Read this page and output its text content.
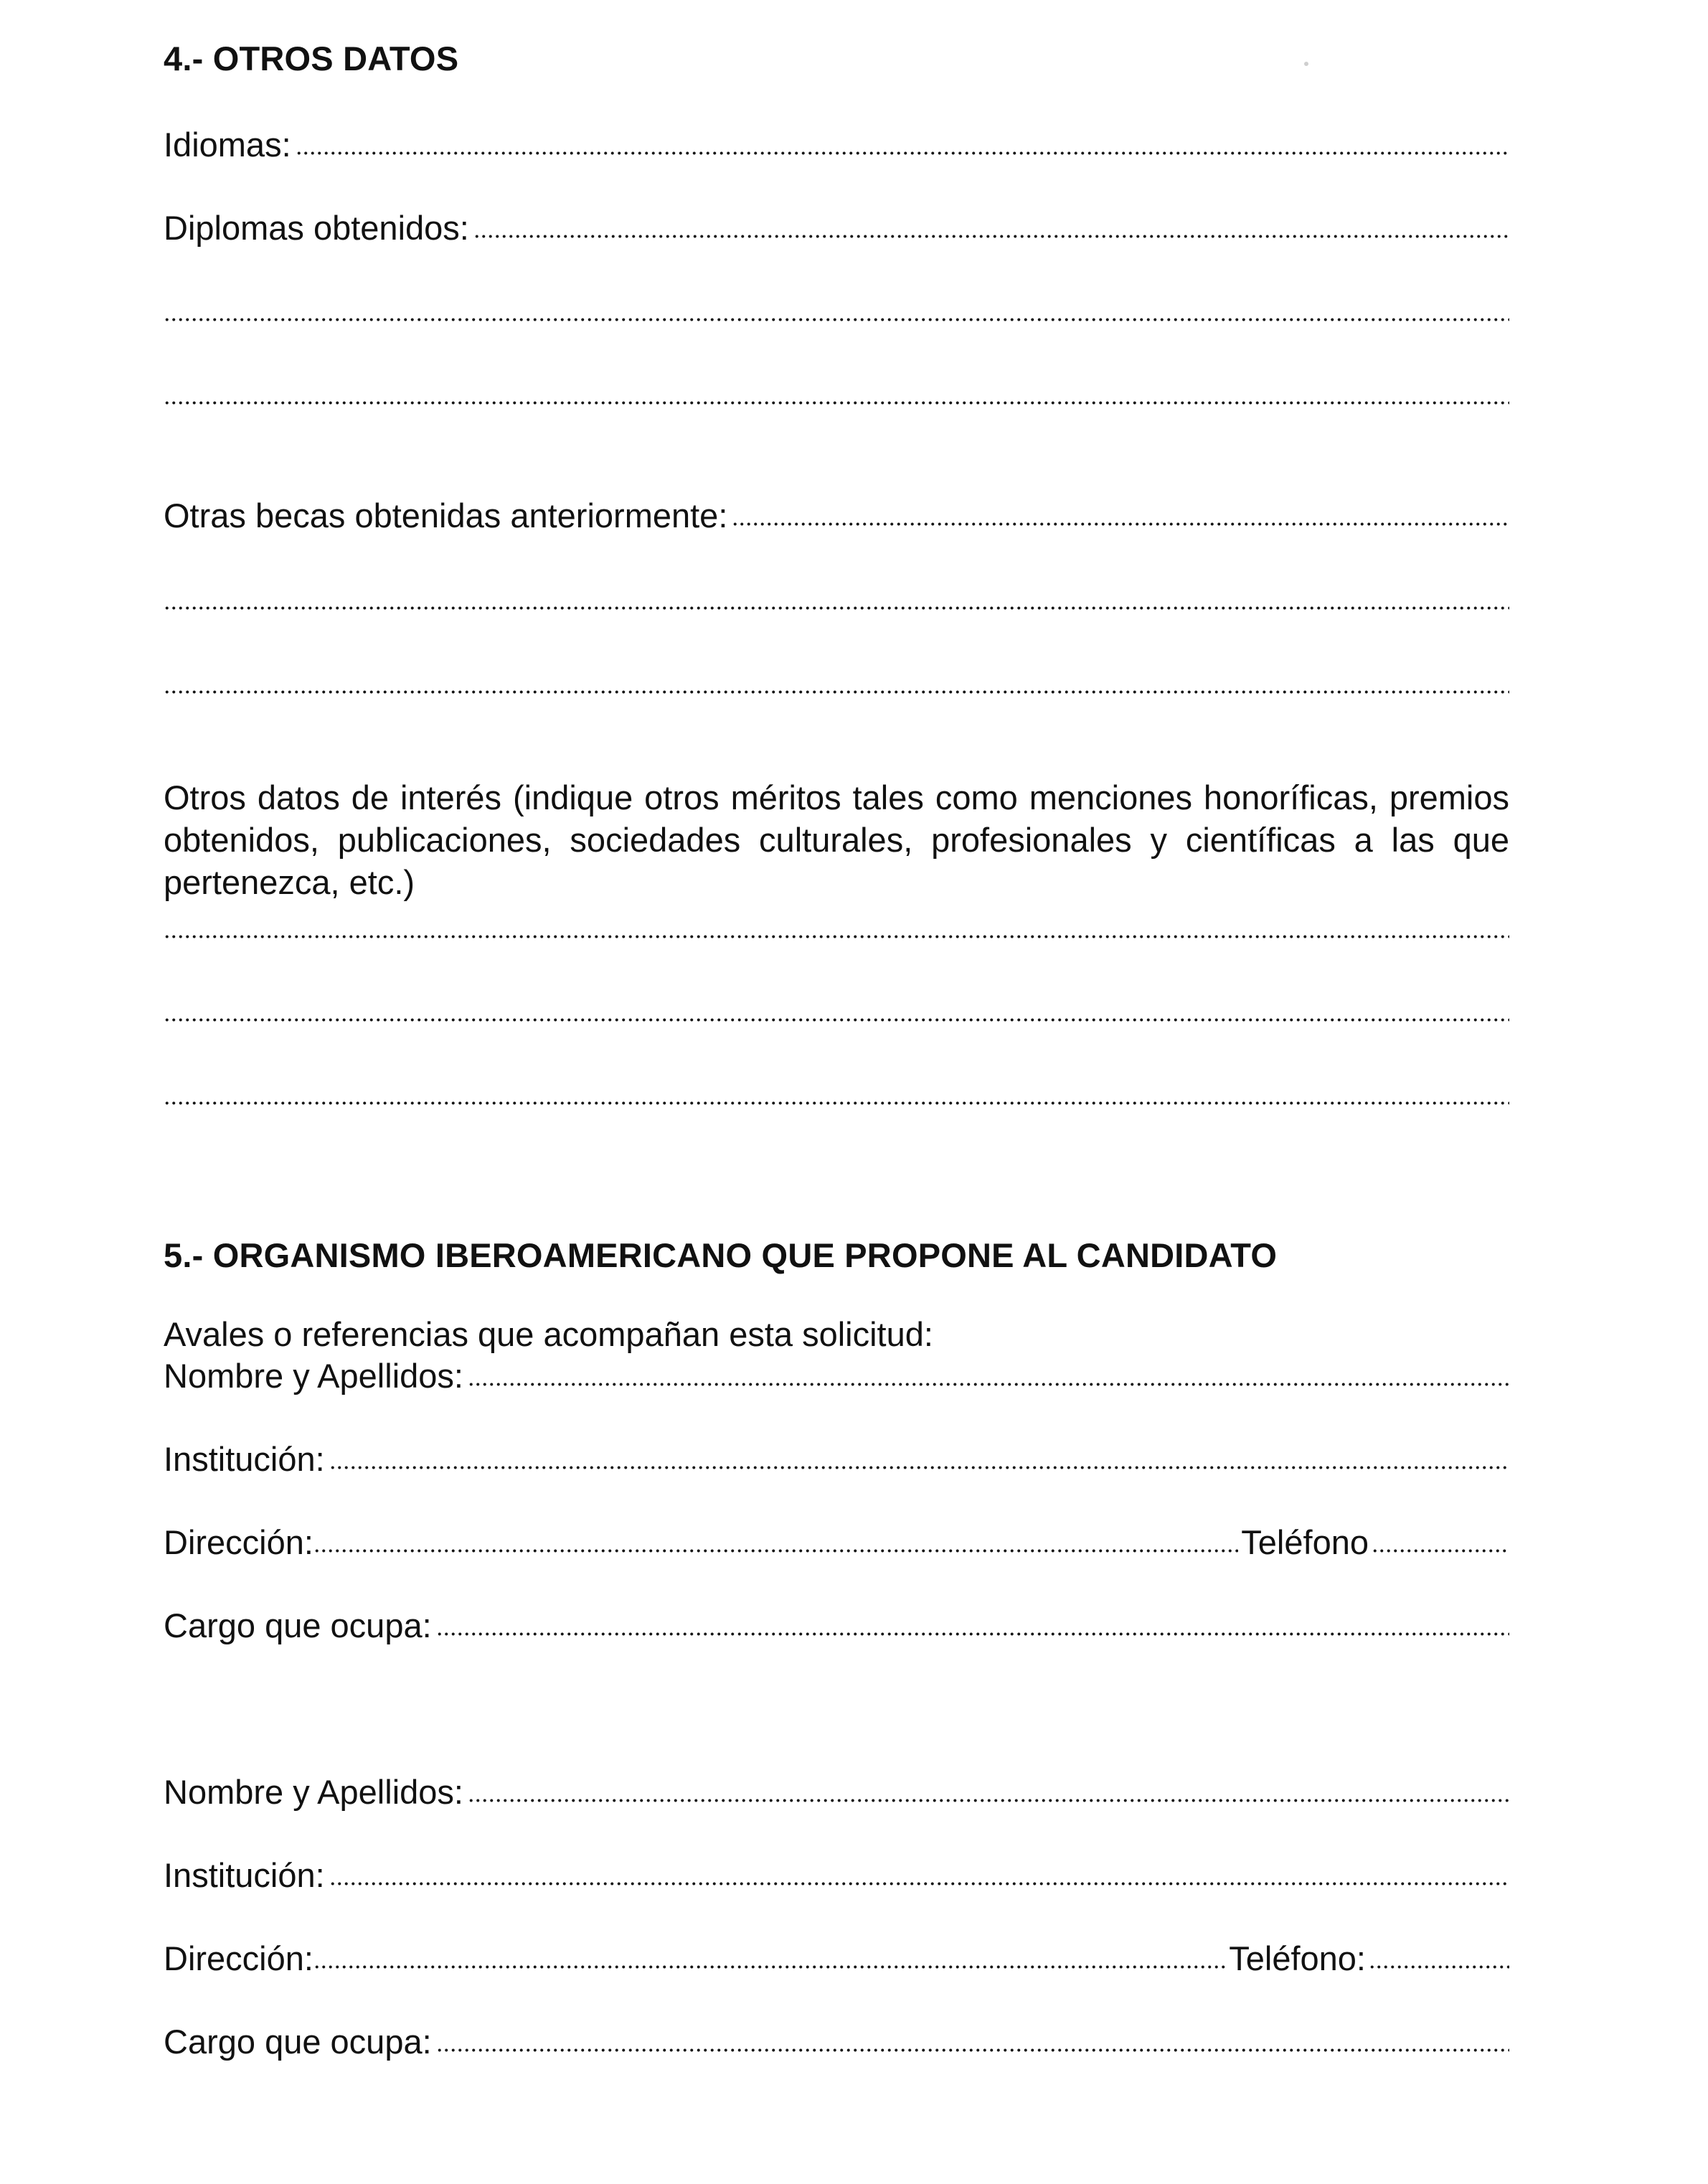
4.- OTROS DATOS
Idiomas:
Diplomas obtenidos:
Otras becas obtenidas anteriormente:
Otros datos de interés (indique otros méritos tales como menciones honoríficas, premios obtenidos, publicaciones, sociedades culturales, profesionales y científicas a las que pertenezca, etc.)
5.- ORGANISMO IBEROAMERICANO QUE PROPONE AL CANDIDATO
Avales o referencias que acompañan esta solicitud:
Nombre y Apellidos:
Institución:
Dirección:	Teléfono
Cargo que ocupa:
Nombre y Apellidos:
Institución:
Dirección:	Teléfono:
Cargo que ocupa:
